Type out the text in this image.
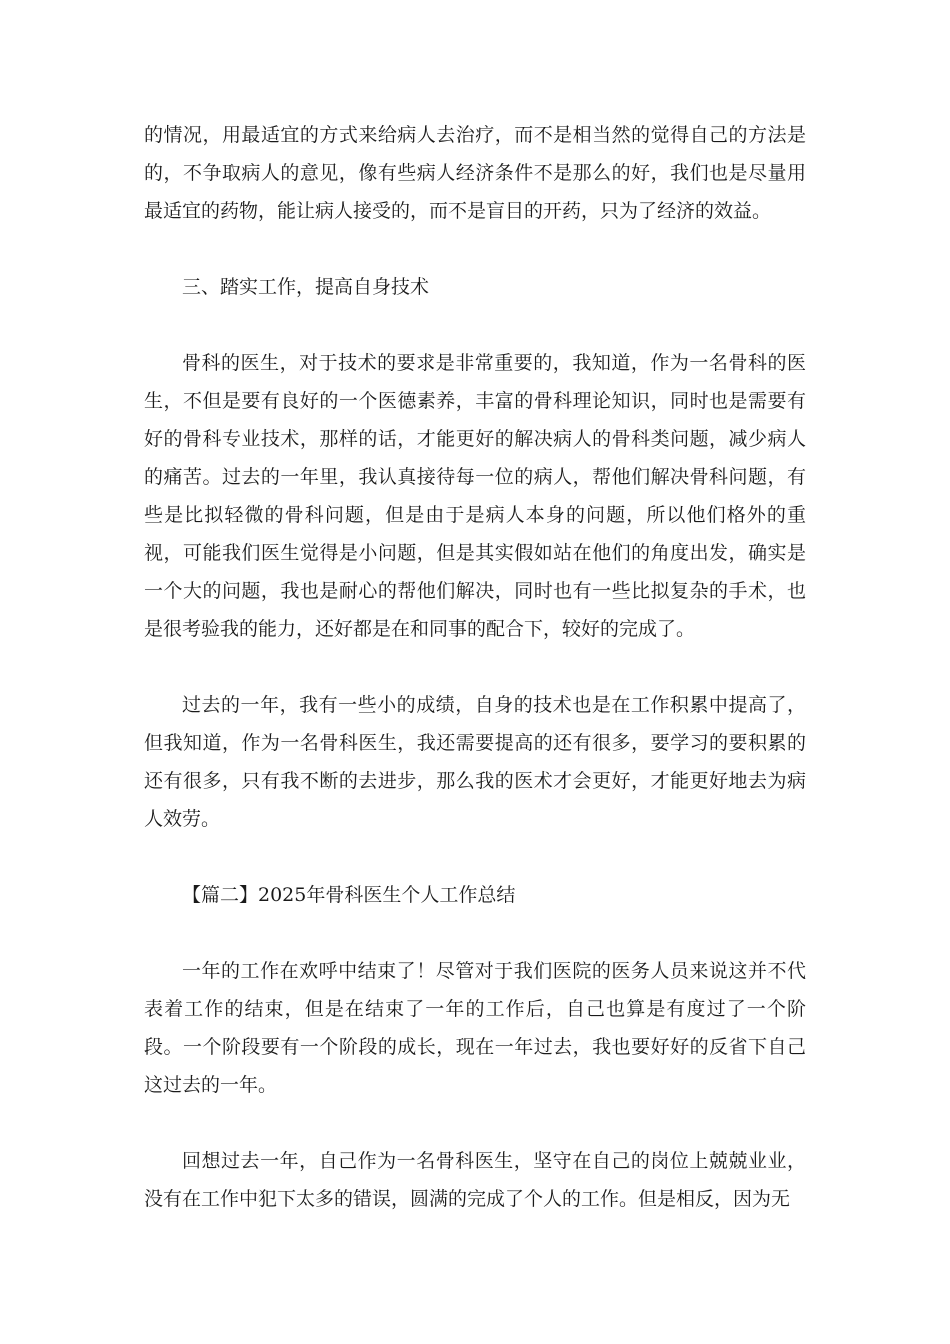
的情况，用最适宜的方式来给病人去治疗，而不是相当然的觉得自己的方法是的，不争取病人的意见，像有些病人经济条件不是那么的好，我们也是尽量用最适宜的药物，能让病人接受的，而不是盲目的开药，只为了经济的效益。

三、踏实工作，提高自身技术

骨科的医生，对于技术的要求是非常重要的，我知道，作为一名骨科的医生，不但是要有良好的一个医德素养，丰富的骨科理论知识，同时也是需要有好的骨科专业技术，那样的话，才能更好的解决病人的骨科类问题，减少病人的痛苦。过去的一年里，我认真接待每一位的病人，帮他们解决骨科问题，有些是比拟轻微的骨科问题，但是由于是病人本身的问题，所以他们格外的重视，可能我们医生觉得是小问题，但是其实假如站在他们的角度出发，确实是一个大的问题，我也是耐心的帮他们解决，同时也有一些比拟复杂的手术，也是很考验我的能力，还好都是在和同事的配合下，较好的完成了。

过去的一年，我有一些小的成绩，自身的技术也是在工作积累中提高了，但我知道，作为一名骨科医生，我还需要提高的还有很多，要学习的要积累的还有很多，只有我不断的去进步，那么我的医术才会更好，才能更好地去为病人效劳。

【篇二】2025年骨科医生个人工作总结

一年的工作在欢呼中结束了！尽管对于我们医院的医务人员来说这并不代表着工作的结束，但是在结束了一年的工作后，自己也算是有度过了一个阶段。一个阶段要有一个阶段的成长，现在一年过去，我也要好好的反省下自己这过去的一年。

回想过去一年，自己作为一名骨科医生，坚守在自己的岗位上兢兢业业，没有在工作中犯下太多的错误，圆满的完成了个人的工作。但是相反，因为无
